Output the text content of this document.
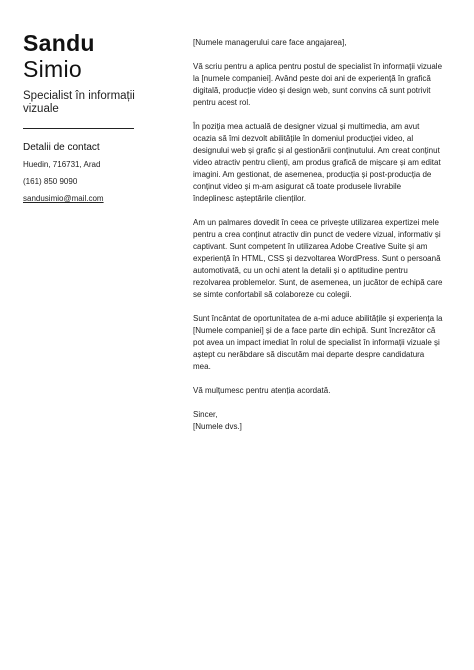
Sandu
Simio
Specialist în informații vizuale
Detalii de contact
Huedin, 716731, Arad
(161) 850 9090
sandusimio@mail.com

[Numele managerului care face angajarea],

Vă scriu pentru a aplica pentru postul de specialist în informații vizuale la [numele companiei]. Având peste doi ani de experiență în grafică digitală, producție video și design web, sunt convins că sunt potrivit pentru acest rol.

În poziția mea actuală de designer vizual și multimedia, am avut ocazia să îmi dezvolt abilitățile în domeniul producției video, al designului web și grafic și al gestionării conținutului. Am creat conținut video atractiv pentru clienți, am produs grafică de mișcare și am editat imagini. Am gestionat, de asemenea, producția și post-producția de conținut video și m-am asigurat că toate produsele livrabile îndeplinesc așteptările clienților.

Am un palmares dovedit în ceea ce privește utilizarea expertizei mele pentru a crea conținut atractiv din punct de vedere vizual, informativ și captivant. Sunt competent în utilizarea Adobe Creative Suite și am experiență în HTML, CSS și dezvoltarea WordPress. Sunt o persoană automotivată, cu un ochi atent la detalii și o aptitudine pentru rezolvarea problemelor. Sunt, de asemenea, un jucător de echipă care se simte confortabil să colaboreze cu colegii.

Sunt încântat de oportunitatea de a-mi aduce abilitățile și experiența la [Numele companiei] și de a face parte din echipă. Sunt încrezător că pot avea un impact imediat în rolul de specialist în informații vizuale și aștept cu nerăbdare să discutăm mai departe despre candidatura mea.

Vă mulțumesc pentru atenția acordată.

Sincer,

[Numele dvs.]
